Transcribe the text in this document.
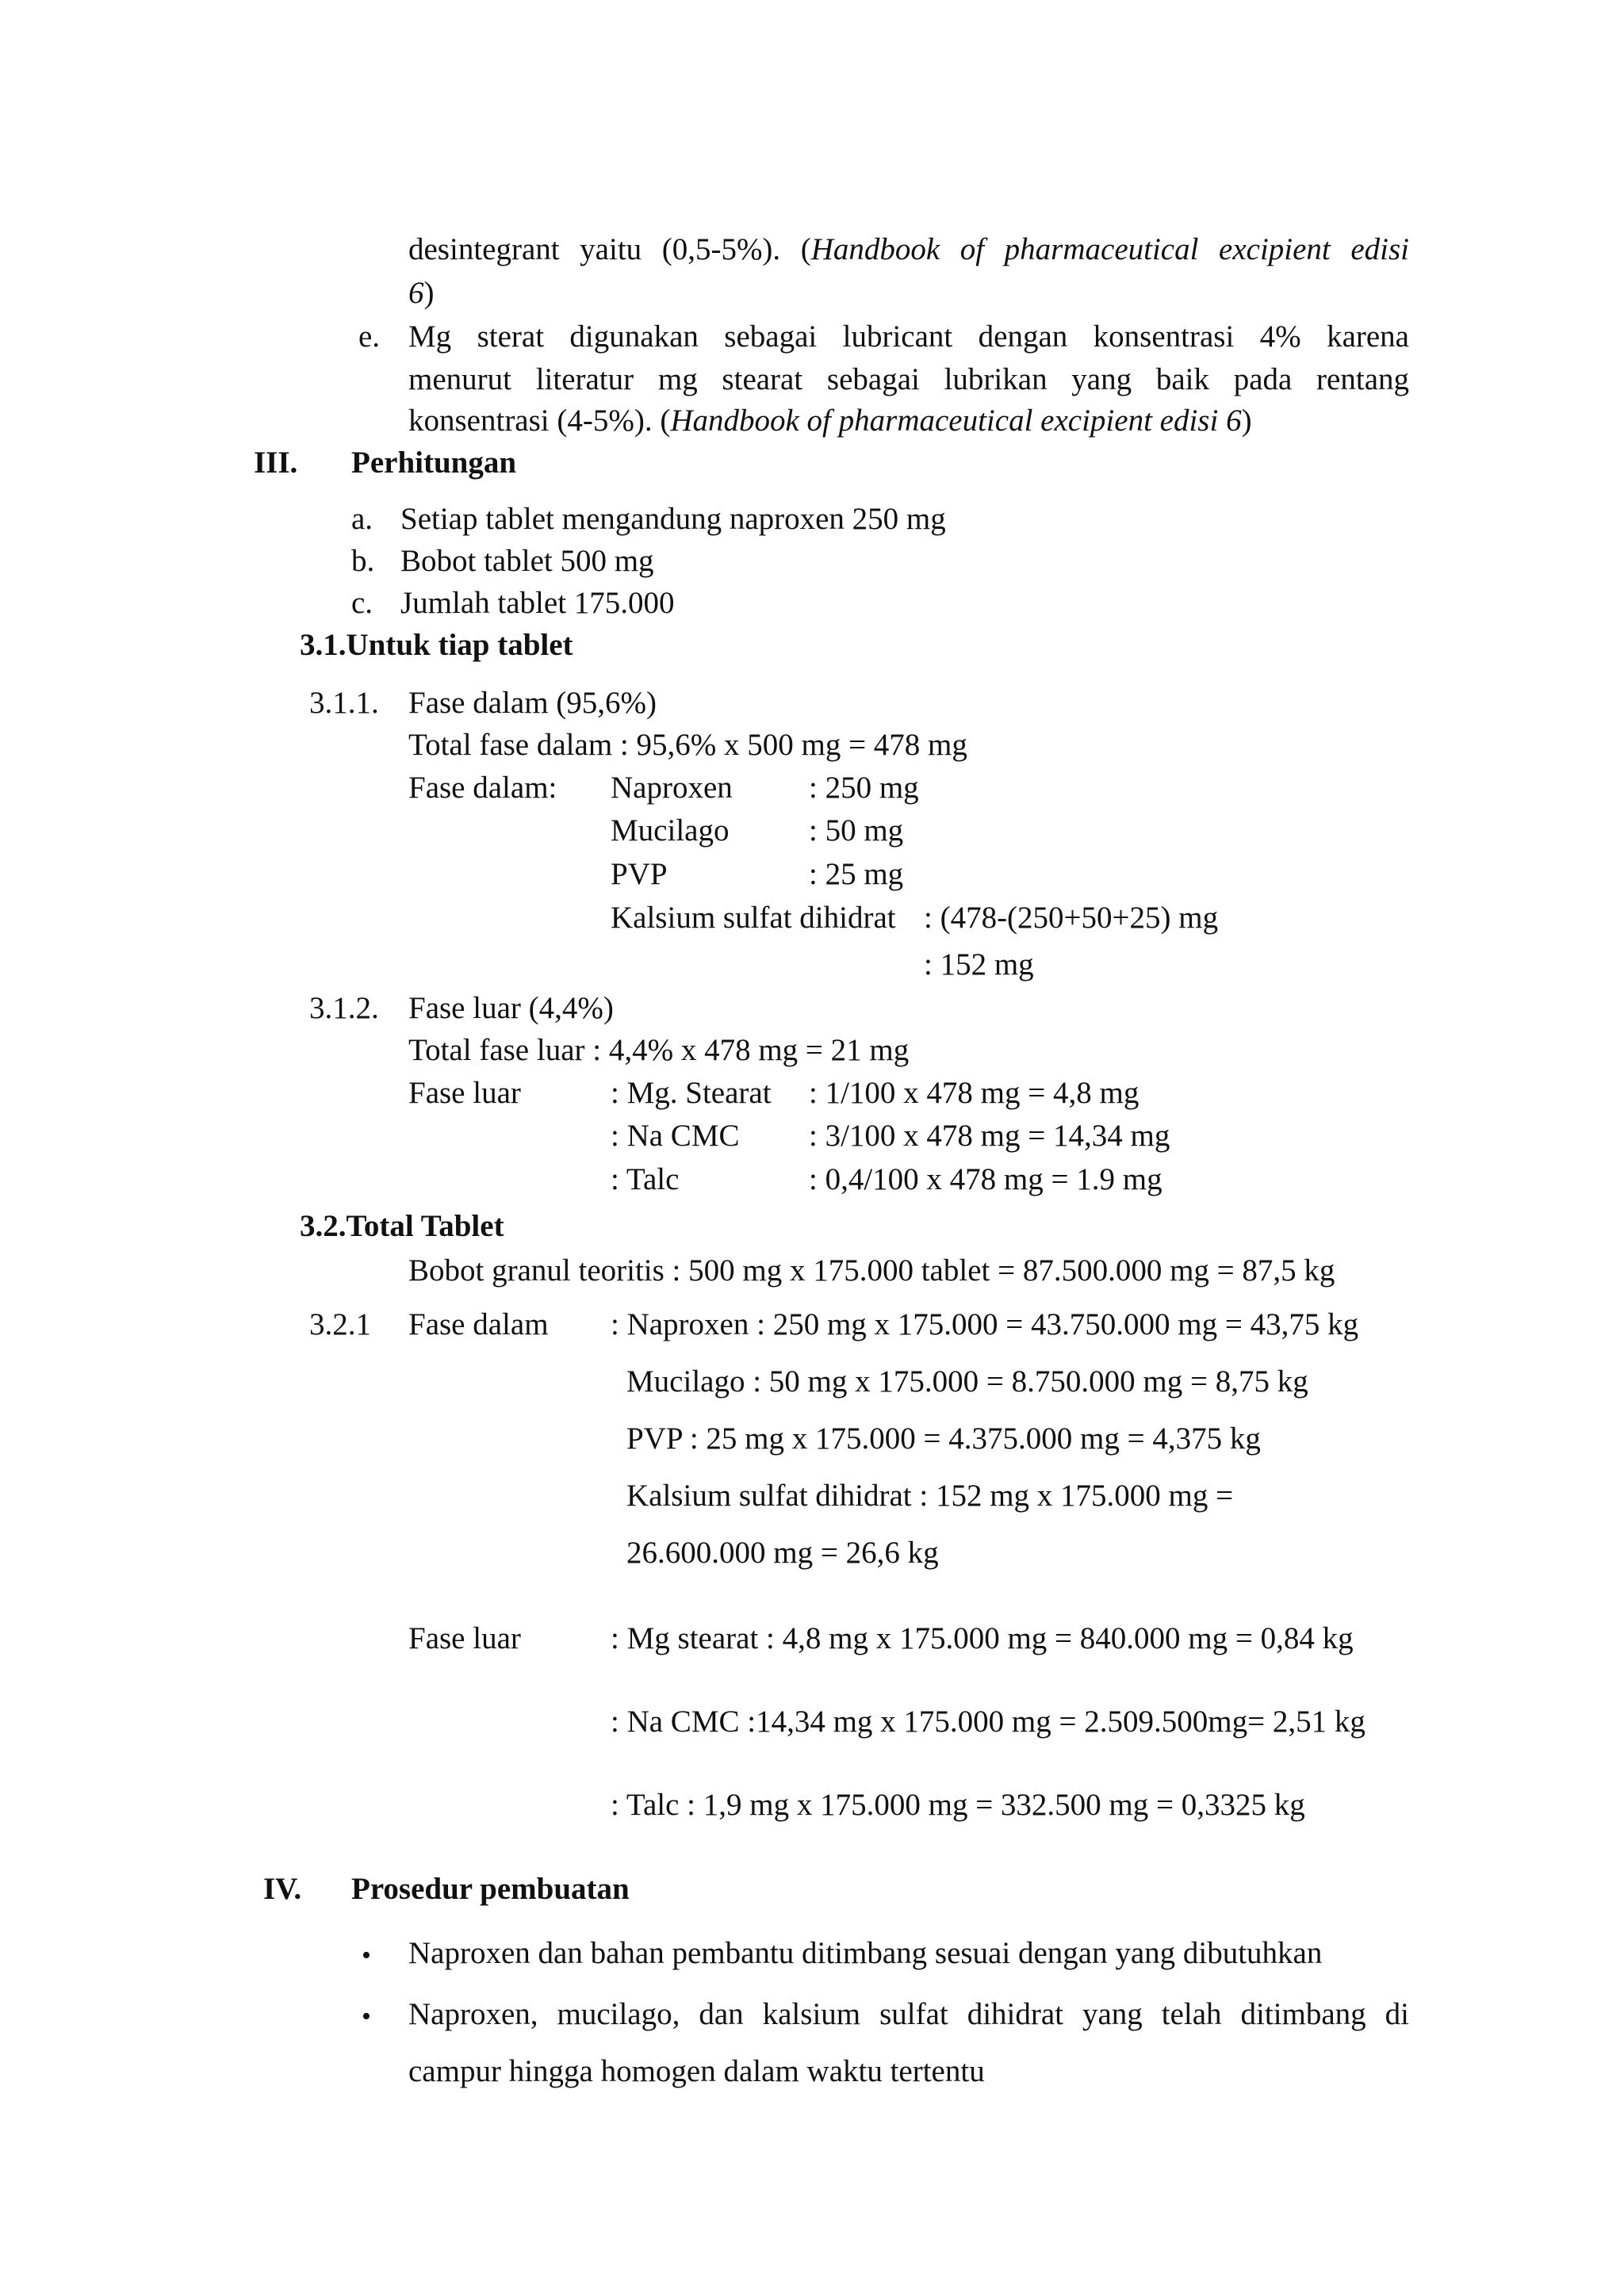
desintegrant yaitu (0,5-5%). (Handbook of pharmaceutical excipient edisi
6)
e. Mg sterat digunakan sebagai lubricant dengan konsentrasi 4% karena
menurut literatur mg stearat sebagai lubrikan yang baik pada rentang
konsentrasi (4-5%). (Handbook of pharmaceutical excipient edisi 6)
III. Perhitungan
a. Setiap tablet mengandung naproxen 250 mg
b. Bobot tablet 500 mg
c. Jumlah tablet 175.000
3.1.Untuk tiap tablet
3.1.1. Fase dalam (95,6%)
Total fase dalam : 95,6% x 500 mg = 478 mg
Fase dalam: Naproxen : 250 mg
Mucilago	: 50 mg
PVP	: 25 mg
Kalsium sulfat dihidrat : (478-(250+50+25) mg
: 152 mg
3.1.2. Fase luar (4,4%)
Total fase luar : 4,4% x 478 mg = 21 mg
Fase luar	: Mg. Stearat : 1/100 x 478 mg = 4,8 mg
: Na CMC : 3/100 x 478 mg = 14,34 mg
: Talc	: 0,4/100 x 478 mg = 1.9 mg
3.2.Total Tablet
Bobot granul teoritis : 500 mg x 175.000 tablet = 87.500.000 mg = 87,5 kg
3.2.1 Fase dalam : Naproxen : 250 mg x 175.000 = 43.750.000 mg = 43,75 kg
Mucilago : 50 mg x 175.000 = 8.750.000 mg = 8,75 kg
PVP : 25 mg x 175.000 = 4.375.000 mg = 4,375 kg
Kalsium sulfat dihidrat : 152 mg x 175.000 mg =
26.600.000 mg = 26,6 kg
Fase luar	: Mg stearat : 4,8 mg x 175.000 mg = 840.000 mg = 0,84 kg
: Na CMC :14,34 mg x 175.000 mg = 2.509.500mg= 2,51 kg
: Talc : 1,9 mg x 175.000 mg = 332.500 mg = 0,3325 kg
IV. Prosedur pembuatan
• Naproxen dan bahan pembantu ditimbang sesuai dengan yang dibutuhkan
• Naproxen, mucilago, dan kalsium sulfat dihidrat yang telah ditimbang di
campur hingga homogen dalam waktu tertentu
